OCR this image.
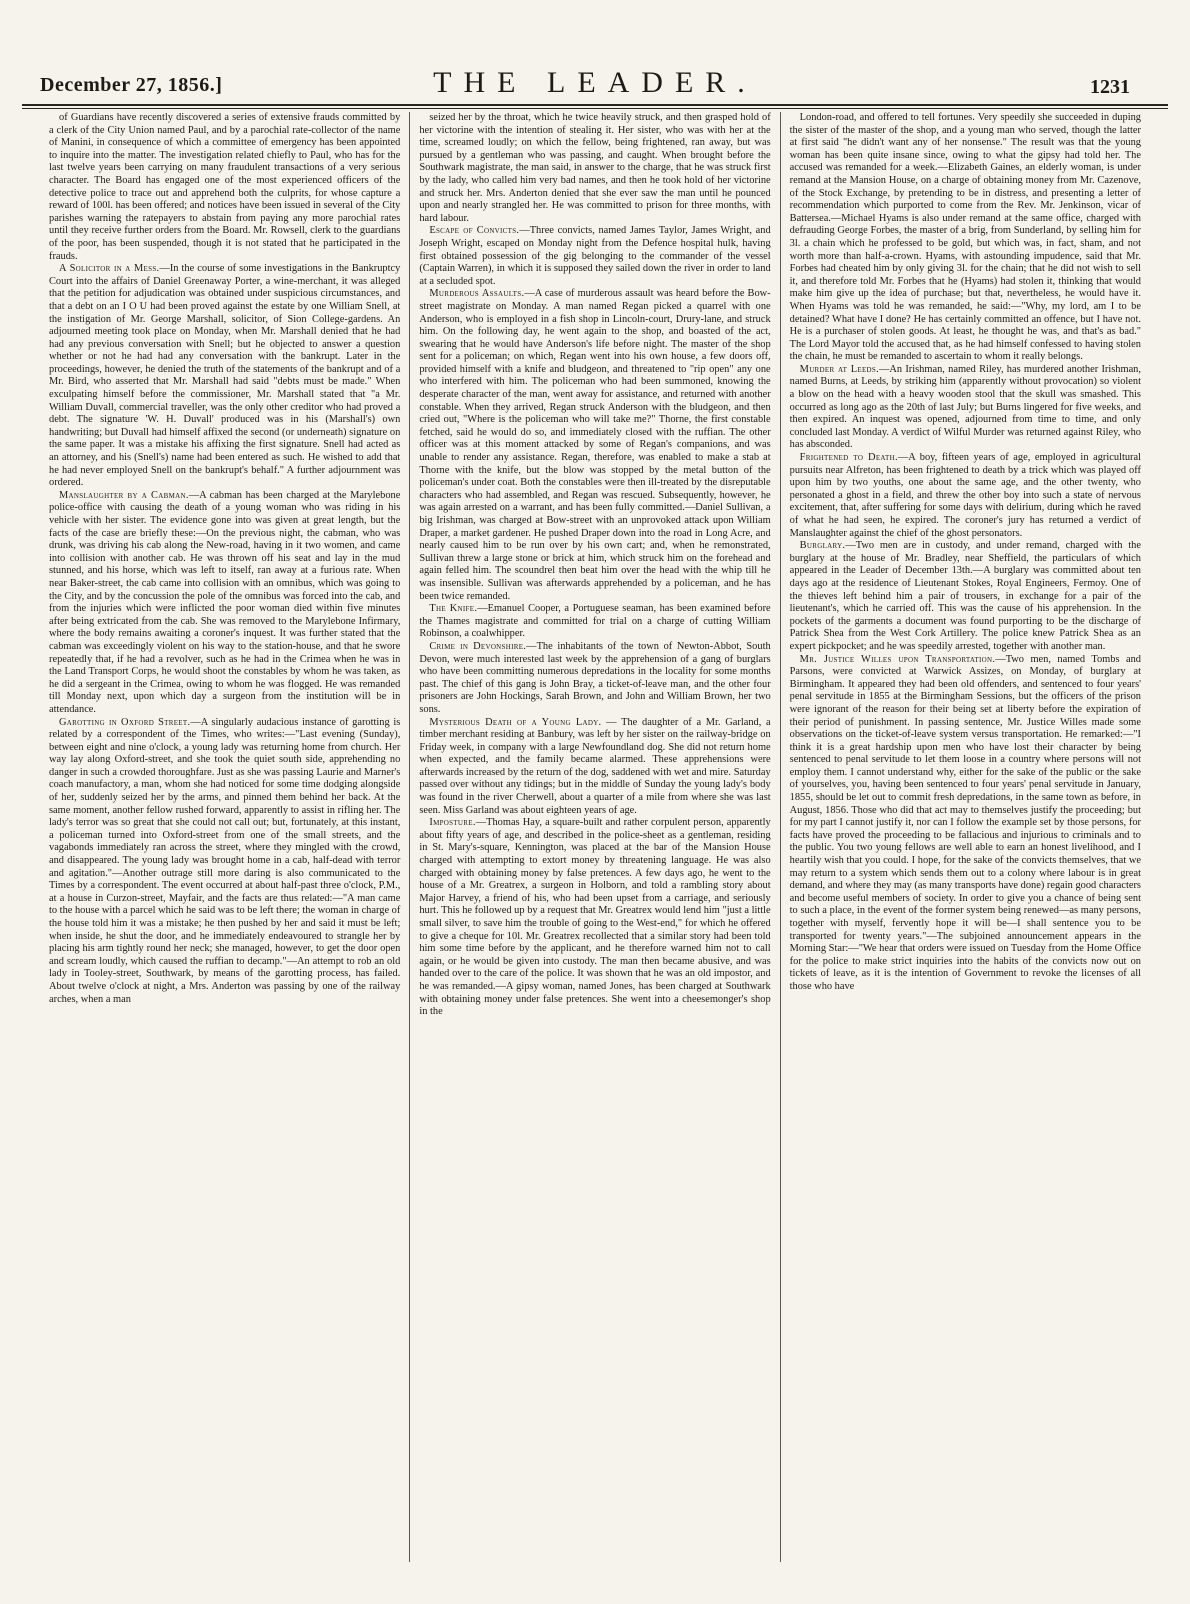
December 27, 1856.]	THE LEADER.	1231

of Guardians have recently discovered a series of extensive frauds committed by a clerk of the City Union named Paul, and by a parochial rate-collector of the name of Manini, in consequence of which a committee of emergency has been appointed to inquire into the matter. The investigation related chiefly to Paul, who has for the last twelve years been carrying on many fraudulent transactions of a very serious character. The Board has engaged one of the most experienced officers of the detective police to trace out and apprehend both the culprits, for whose capture a reward of 100l. has been offered; and notices have been issued in several of the City parishes warning the ratepayers to abstain from paying any more parochial rates until they receive further orders from the Board. Mr. Rowsell, clerk to the guardians of the poor, has been suspended, though it is not stated that he participated in the frauds.

A Solicitor in a Mess.—In the course of some investigations in the Bankruptcy Court into the affairs of Daniel Greenaway Porter, a wine-merchant, it was alleged that the petition for adjudication was obtained under suspicious circumstances, and that a debt on an I O U had been proved against the estate by one William Snell, at the instigation of Mr. George Marshall, solicitor, of Sion College-gardens. An adjourned meeting took place on Monday, when Mr. Marshall denied that he had had any previous conversation with Snell; but he objected to answer a question whether or not he had had any conversation with the bankrupt. Later in the proceedings, however, he denied the truth of the statements of the bankrupt and of a Mr. Bird, who asserted that Mr. Marshall had said "debts must be made." When exculpating himself before the commissioner, Mr. Marshall stated that "a Mr. William Duvall, commercial traveller, was the only other creditor who had proved a debt. The signature 'W. H. Duvall' produced was in his (Marshall's) own handwriting; but Duvall had himself affixed the second (or underneath) signature on the same paper. It was a mistake his affixing the first signature. Snell had acted as an attorney, and his (Snell's) name had been entered as such. He wished to add that he had never employed Snell on the bankrupt's behalf." A further adjournment was ordered.

Manslaughter by a Cabman.—A cabman has been charged at the Marylebone police-office with causing the death of a young woman who was riding in his vehicle with her sister. The evidence gone into was given at great length, but the facts of the case are briefly these:—On the previous night, the cabman, who was drunk, was driving his cab along the New-road, having in it two women, and came into collision with another cab. He was thrown off his seat and lay in the mud stunned, and his horse, which was left to itself, ran away at a furious rate. When near Baker-street, the cab came into collision with an omnibus, which was going to the City, and by the concussion the pole of the omnibus was forced into the cab, and from the injuries which were inflicted the poor woman died within five minutes after being extricated from the cab. She was removed to the Marylebone Infirmary, where the body remains awaiting a coroner's inquest. It was further stated that the cabman was exceedingly violent on his way to the station-house, and that he swore repeatedly that, if he had a revolver, such as he had in the Crimea when he was in the Land Transport Corps, he would shoot the constables by whom he was taken, as he did a sergeant in the Crimea, owing to whom he was flogged. He was remanded till Monday next, upon which day a surgeon from the institution will be in attendance.

Garotting in Oxford Street.—A singularly audacious instance of garotting is related by a correspondent of the Times, who writes:—"Last evening (Sunday), between eight and nine o'clock, a young lady was returning home from church. Her way lay along Oxford-street, and she took the quiet south side, apprehending no danger in such a crowded thoroughfare. Just as she was passing Laurie and Marner's coach manufactory, a man, whom she had noticed for some time dodging alongside of her, suddenly seized her by the arms, and pinned them behind her back. At the same moment, another fellow rushed forward, apparently to assist in rifling her. The lady's terror was so great that she could not call out; but, fortunately, at this instant, a policeman turned into Oxford-street from one of the small streets, and the vagabonds immediately ran across the street, where they mingled with the crowd, and disappeared. The young lady was brought home in a cab, half-dead with terror and agitation."—Another outrage still more daring is also communicated to the Times by a correspondent. The event occurred at about half-past three o'clock, P.M., at a house in Curzon-street, Mayfair, and the facts are thus related:—"A man came to the house with a parcel which he said was to be left there; the woman in charge of the house told him it was a mistake; he then pushed by her and said it must be left; when inside, he shut the door, and he immediately endeavoured to strangle her by placing his arm tightly round her neck; she managed, however, to get the door open and scream loudly, which caused the ruffian to decamp."—An attempt to rob an old lady in Tooley-street, Southwark, by means of the garotting process, has failed. About twelve o'clock at night, a Mrs. Anderton was passing by one of the railway arches, when a man

seized her by the throat, which he twice heavily struck, and then grasped hold of her victorine with the intention of stealing it. Her sister, who was with her at the time, screamed loudly; on which the fellow, being frightened, ran away, but was pursued by a gentleman who was passing, and caught. When brought before the Southwark magistrate, the man said, in answer to the charge, that he was struck first by the lady, who called him very bad names, and then he took hold of her victorine and struck her. Mrs. Anderton denied that she ever saw the man until he pounced upon and nearly strangled her. He was committed to prison for three months, with hard labour.

Escape of Convicts.—Three convicts, named James Taylor, James Wright, and Joseph Wright, escaped on Monday night from the Defence hospital hulk, having first obtained possession of the gig belonging to the commander of the vessel (Captain Warren), in which it is supposed they sailed down the river in order to land at a secluded spot.

Murderous Assaults.—A case of murderous assault was heard before the Bow-street magistrate on Monday. A man named Regan picked a quarrel with one Anderson, who is employed in a fish shop in Lincoln-court, Drury-lane, and struck him. On the following day, he went again to the shop, and boasted of the act, swearing that he would have Anderson's life before night. The master of the shop sent for a policeman; on which, Regan went into his own house, a few doors off, provided himself with a knife and bludgeon, and threatened to "rip open" any one who interfered with him. The policeman who had been summoned, knowing the desperate character of the man, went away for assistance, and returned with another constable. When they arrived, Regan struck Anderson with the bludgeon, and then cried out, "Where is the policeman who will take me?" Thorne, the first constable fetched, said he would do so, and immediately closed with the ruffian. The other officer was at this moment attacked by some of Regan's companions, and was unable to render any assistance. Regan, therefore, was enabled to make a stab at Thorne with the knife, but the blow was stopped by the metal button of the policeman's under coat. Both the constables were then ill-treated by the disreputable characters who had assembled, and Regan was rescued. Subsequently, however, he was again arrested on a warrant, and has been fully committed.—Daniel Sullivan, a big Irishman, was charged at Bow-street with an unprovoked attack upon William Draper, a market gardener. He pushed Draper down into the road in Long Acre, and nearly caused him to be run over by his own cart; and, when he remonstrated, Sullivan threw a large stone or brick at him, which struck him on the forehead and again felled him. The scoundrel then beat him over the head with the whip till he was insensible. Sullivan was afterwards apprehended by a policeman, and he has been twice remanded.

The Knife.—Emanuel Cooper, a Portuguese seaman, has been examined before the Thames magistrate and committed for trial on a charge of cutting William Robinson, a coalwhipper.

Crime in Devonshire.—The inhabitants of the town of Newton-Abbot, South Devon, were much interested last week by the apprehension of a gang of burglars who have been committing numerous depredations in the locality for some months past. The chief of this gang is John Bray, a ticket-of-leave man, and the other four prisoners are John Hockings, Sarah Brown, and John and William Brown, her two sons.

Mysterious Death of a Young Lady. — The daughter of a Mr. Garland, a timber merchant residing at Banbury, was left by her sister on the railway-bridge on Friday week, in company with a large Newfoundland dog. She did not return home when expected, and the family became alarmed. These apprehensions were afterwards increased by the return of the dog, saddened with wet and mire. Saturday passed over without any tidings; but in the middle of Sunday the young lady's body was found in the river Cherwell, about a quarter of a mile from where she was last seen. Miss Garland was about eighteen years of age.

Imposture.—Thomas Hay, a square-built and rather corpulent person, apparently about fifty years of age, and described in the police-sheet as a gentleman, residing in St. Mary's-square, Kennington, was placed at the bar of the Mansion House charged with attempting to extort money by threatening language. He was also charged with obtaining money by false pretences. A few days ago, he went to the house of a Mr. Greatrex, a surgeon in Holborn, and told a rambling story about Major Harvey, a friend of his, who had been upset from a carriage, and seriously hurt. This he followed up by a request that Mr. Greatrex would lend him "just a little small silver, to save him the trouble of going to the West-end," for which he offered to give a cheque for 10l. Mr. Greatrex recollected that a similar story had been told him some time before by the applicant, and he therefore warned him not to call again, or he would be given into custody. The man then became abusive, and was handed over to the care of the police. It was shown that he was an old impostor, and he was remanded.—A gipsy woman, named Jones, has been charged at Southwark with obtaining money under false pretences. She went into a cheesemonger's shop in the

London-road, and offered to tell fortunes. Very speedily she succeeded in duping the sister of the master of the shop, and a young man who served, though the latter at first said "he didn't want any of her nonsense." The result was that the young woman has been quite insane since, owing to what the gipsy had told her. The accused was remanded for a week.—Elizabeth Gaines, an elderly woman, is under remand at the Mansion House, on a charge of obtaining money from Mr. Cazenove, of the Stock Exchange, by pretending to be in distress, and presenting a letter of recommendation which purported to come from the Rev. Mr. Jenkinson, vicar of Battersea.—Michael Hyams is also under remand at the same office, charged with defrauding George Forbes, the master of a brig, from Sunderland, by selling him for 3l. a chain which he professed to be gold, but which was, in fact, sham, and not worth more than half-a-crown. Hyams, with astounding impudence, said that Mr. Forbes had cheated him by only giving 3l. for the chain; that he did not wish to sell it, and therefore told Mr. Forbes that he (Hyams) had stolen it, thinking that would make him give up the idea of purchase; but that, nevertheless, he would have it. When Hyams was told he was remanded, he said:—"Why, my lord, am I to be detained? What have I done? He has certainly committed an offence, but I have not. He is a purchaser of stolen goods. At least, he thought he was, and that's as bad." The Lord Mayor told the accused that, as he had himself confessed to having stolen the chain, he must be remanded to ascertain to whom it really belongs.

Murder at Leeds.—An Irishman, named Riley, has murdered another Irishman, named Burns, at Leeds, by striking him (apparently without provocation) so violent a blow on the head with a heavy wooden stool that the skull was smashed. This occurred as long ago as the 20th of last July; but Burns lingered for five weeks, and then expired. An inquest was opened, adjourned from time to time, and only concluded last Monday. A verdict of Wilful Murder was returned against Riley, who has absconded.

Frightened to Death.—A boy, fifteen years of age, employed in agricultural pursuits near Alfreton, has been frightened to death by a trick which was played off upon him by two youths, one about the same age, and the other twenty, who personated a ghost in a field, and threw the other boy into such a state of nervous excitement, that, after suffering for some days with delirium, during which he raved of what he had seen, he expired. The coroner's jury has returned a verdict of Manslaughter against the chief of the ghost personators.

Burglary.—Two men are in custody, and under remand, charged with the burglary at the house of Mr. Bradley, near Sheffield, the particulars of which appeared in the Leader of December 13th.—A burglary was committed about ten days ago at the residence of Lieutenant Stokes, Royal Engineers, Fermoy. One of the thieves left behind him a pair of trousers, in exchange for a pair of the lieutenant's, which he carried off. This was the cause of his apprehension. In the pockets of the garments a document was found purporting to be the discharge of Patrick Shea from the West Cork Artillery. The police knew Patrick Shea as an expert pickpocket; and he was speedily arrested, together with another man.

Mr. Justice Willes upon Transportation.—Two men, named Tombs and Parsons, were convicted at Warwick Assizes, on Monday, of burglary at Birmingham. It appeared they had been old offenders, and sentenced to four years' penal servitude in 1855 at the Birmingham Sessions, but the officers of the prison were ignorant of the reason for their being set at liberty before the expiration of their period of punishment. In passing sentence, Mr. Justice Willes made some observations on the ticket-of-leave system versus transportation. He remarked:—"I think it is a great hardship upon men who have lost their character by being sentenced to penal servitude to let them loose in a country where persons will not employ them. I cannot understand why, either for the sake of the public or the sake of yourselves, you, having been sentenced to four years' penal servitude in January, 1855, should be let out to commit fresh depredations, in the same town as before, in August, 1856. Those who did that act may to themselves justify the proceeding; but for my part I cannot justify it, nor can I follow the example set by those persons, for facts have proved the proceeding to be fallacious and injurious to criminals and to the public. You two young fellows are well able to earn an honest livelihood, and I heartily wish that you could. I hope, for the sake of the convicts themselves, that we may return to a system which sends them out to a colony where labour is in great demand, and where they may (as many transports have done) regain good characters and become useful members of society. In order to give you a chance of being sent to such a place, in the event of the former system being renewed—as many persons, together with myself, fervently hope it will be—I shall sentence you to be transported for twenty years."—The subjoined announcement appears in the Morning Star:—"We hear that orders were issued on Tuesday from the Home Office for the police to make strict inquiries into the habits of the convicts now out on tickets of leave, as it is the intention of Government to revoke the licenses of all those who have
